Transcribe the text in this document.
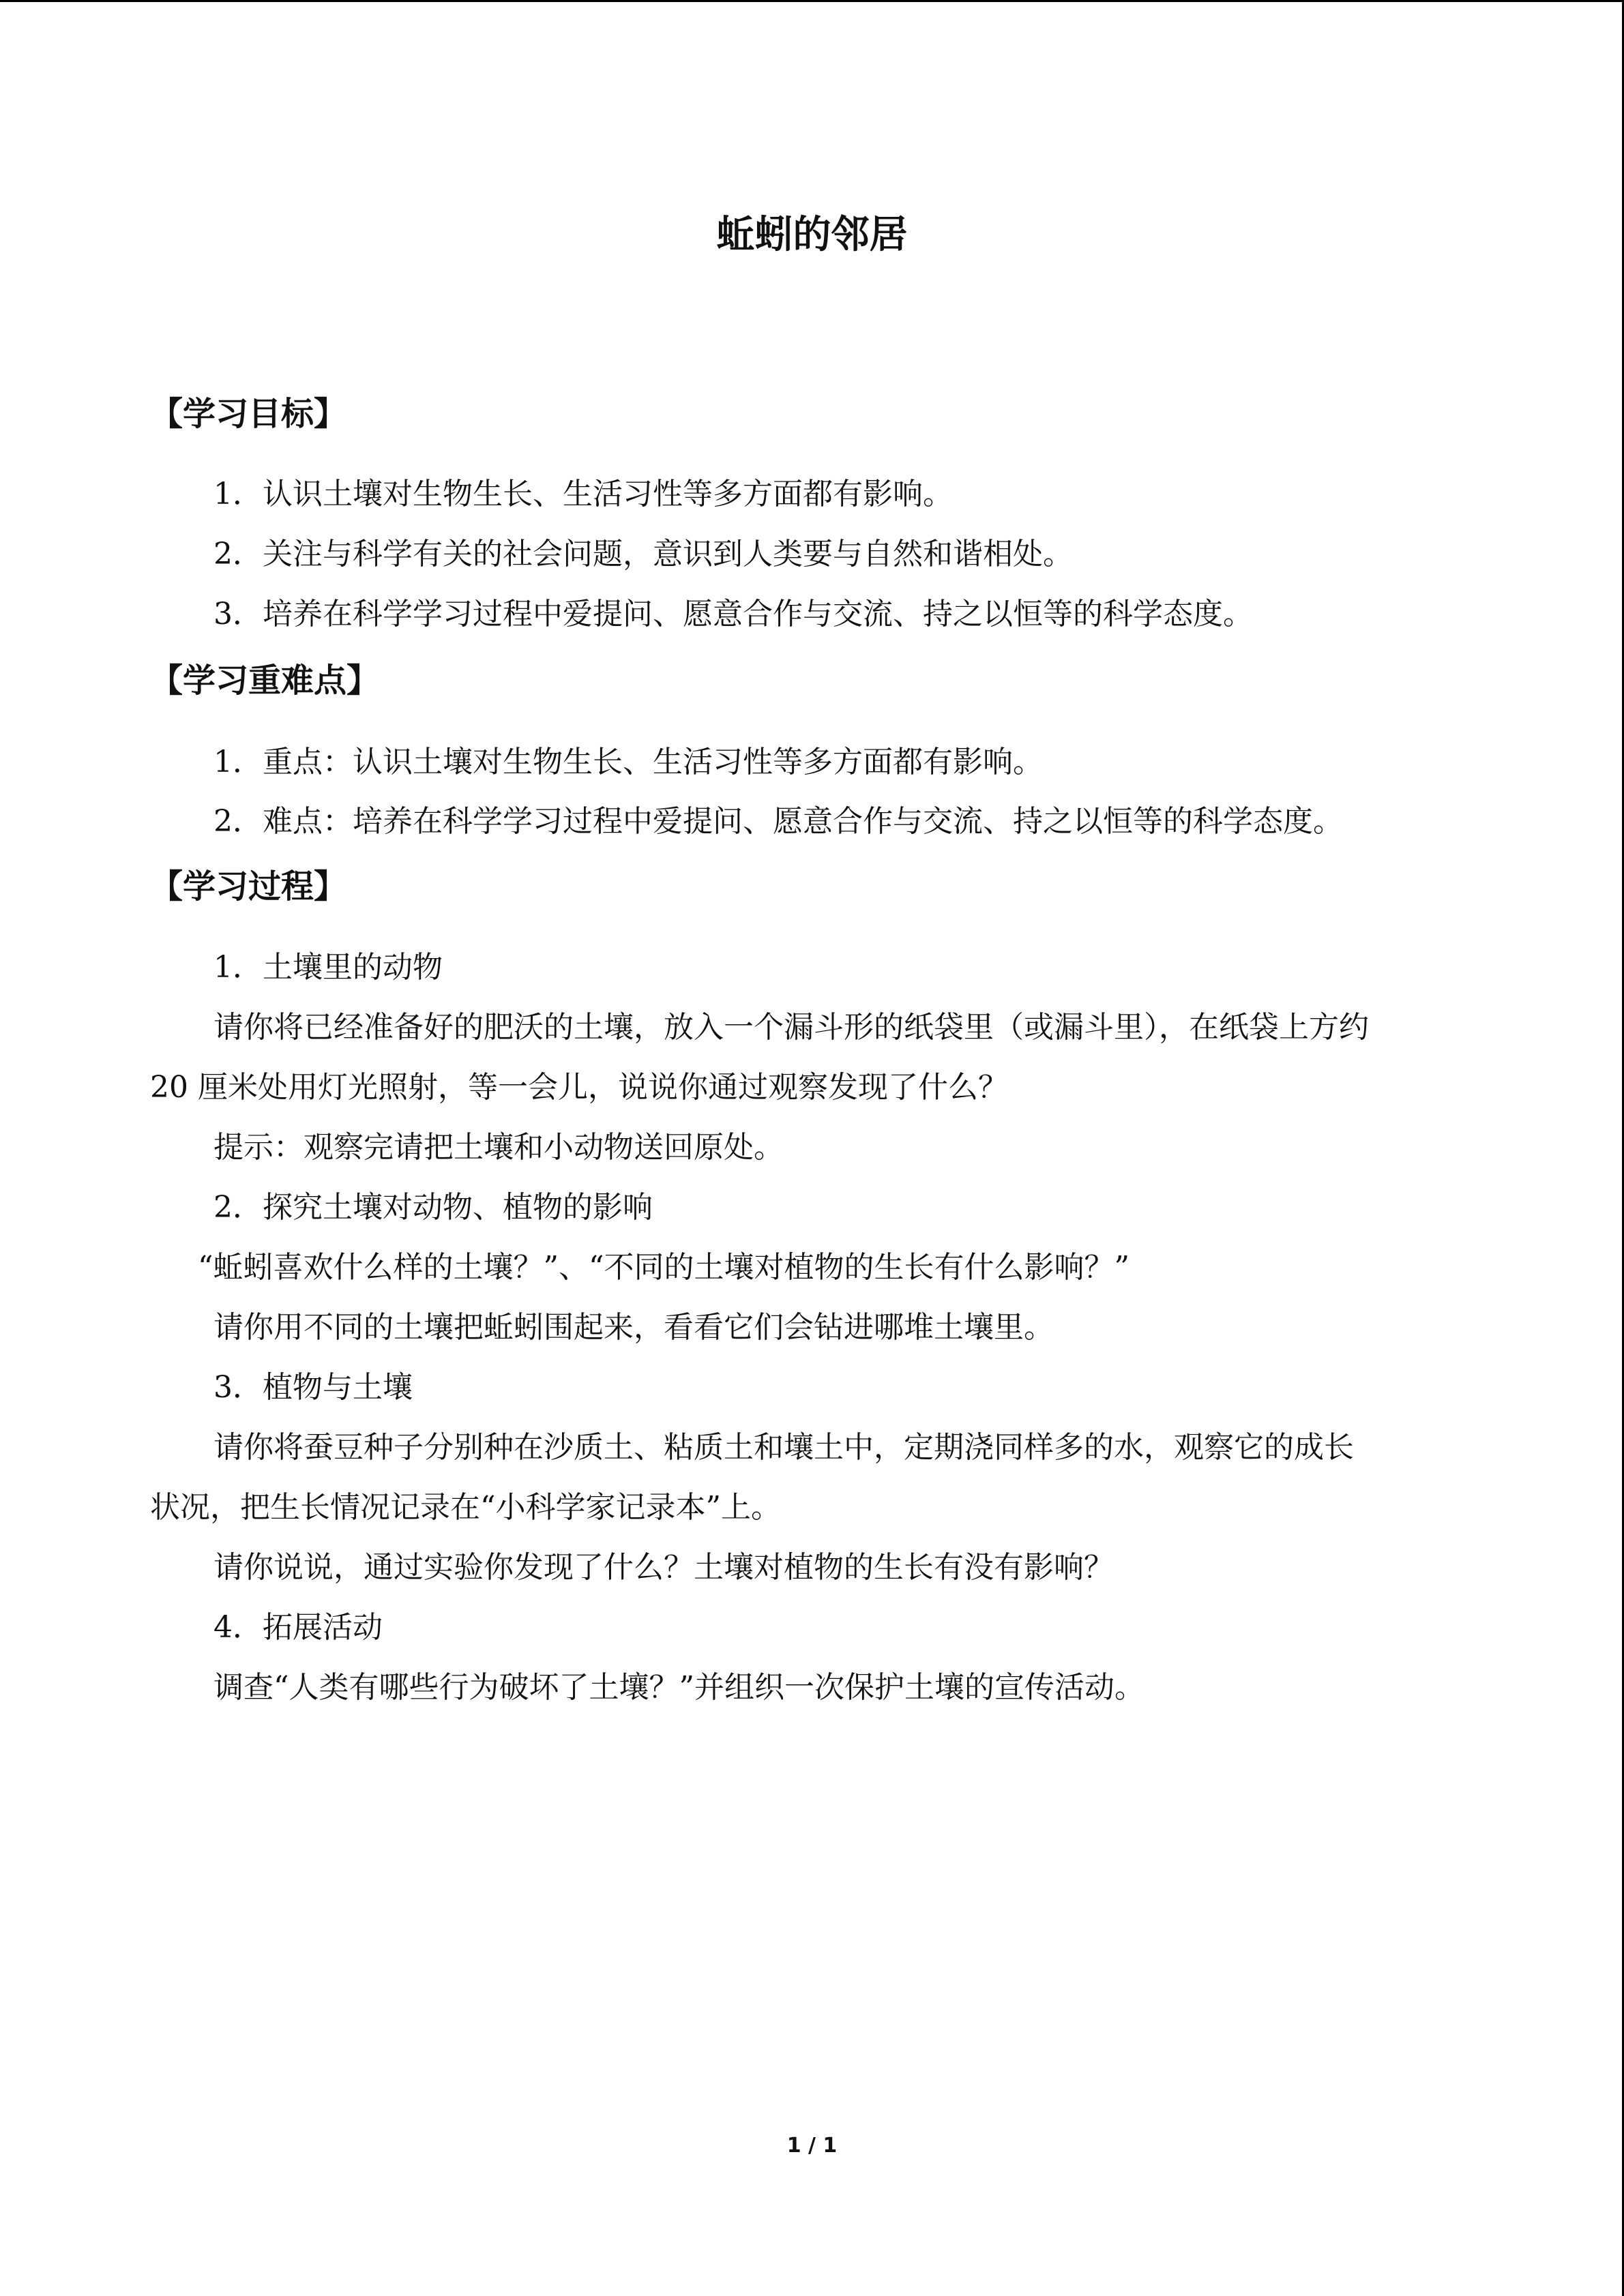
蚯蚓的邻居
【学习目标】
1．认识土壤对生物生长、生活习性等多方面都有影响。
2．关注与科学有关的社会问题，意识到人类要与自然和谐相处。
3．培养在科学学习过程中爱提问、愿意合作与交流、持之以恒等的科学态度。
【学习重难点】
1．重点：认识土壤对生物生长、生活习性等多方面都有影响。
2．难点：培养在科学学习过程中爱提问、愿意合作与交流、持之以恒等的科学态度。
【学习过程】
1．土壤里的动物
请你将已经准备好的肥沃的土壤，放入一个漏斗形的纸袋里（或漏斗里），在纸袋上方约
20 厘米处用灯光照射，等一会儿，说说你通过观察发现了什么？
提示：观察完请把土壤和小动物送回原处。
2．探究土壤对动物、植物的影响
“蚯蚓喜欢什么样的土壤？”、“不同的土壤对植物的生长有什么影响？”
请你用不同的土壤把蚯蚓围起来，看看它们会钻进哪堆土壤里。
3．植物与土壤
请你将蚕豆种子分别种在沙质土、粘质土和壤土中，定期浇同样多的水，观察它的成长
状况，把生长情况记录在“小科学家记录本”上。
请你说说，通过实验你发现了什么？土壤对植物的生长有没有影响？
4．拓展活动
调查“人类有哪些行为破坏了土壤？”并组织一次保护土壤的宣传活动。
1 / 1
